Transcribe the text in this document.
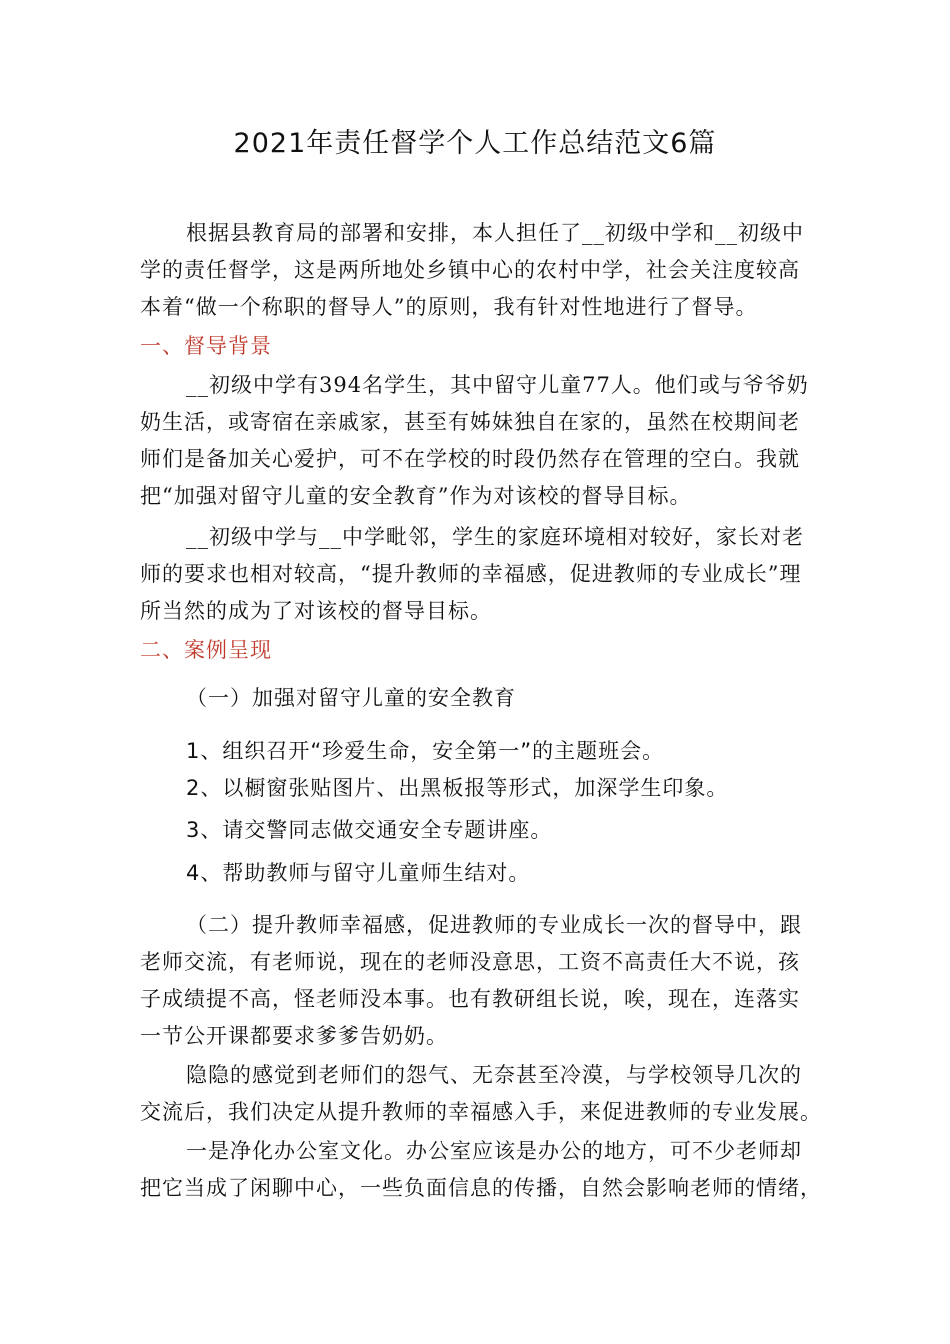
2021年责任督学个人工作总结范文6篇
根据县教育局的部署和安排，本人担任了__初级中学和__初级中
学的责任督学，这是两所地处乡镇中心的农村中学，社会关注度较高
本着“做一个称职的督导人”的原则，我有针对性地进行了督导。
一、督导背景
__初级中学有394名学生，其中留守儿童77人。他们或与爷爷奶
奶生活，或寄宿在亲戚家，甚至有姊妹独自在家的，虽然在校期间老
师们是备加关心爱护，可不在学校的时段仍然存在管理的空白。我就
把“加强对留守儿童的安全教育”作为对该校的督导目标。
__初级中学与__中学毗邻，学生的家庭环境相对较好，家长对老
师的要求也相对较高，“提升教师的幸福感，促进教师的专业成长”理
所当然的成为了对该校的督导目标。
二、案例呈现
（一）加强对留守儿童的安全教育
1、组织召开“珍爱生命，安全第一”的主题班会。
2、以橱窗张贴图片、出黑板报等形式，加深学生印象。
3、请交警同志做交通安全专题讲座。
4、帮助教师与留守儿童师生结对。
（二）提升教师幸福感，促进教师的专业成长一次的督导中，跟
老师交流，有老师说，现在的老师没意思，工资不高责任大不说，孩
子成绩提不高，怪老师没本事。也有教研组长说，唉，现在，连落实
一节公开课都要求爹爹告奶奶。
隐隐的感觉到老师们的怨气、无奈甚至冷漠，与学校领导几次的
交流后，我们决定从提升教师的幸福感入手，来促进教师的专业发展。
一是净化办公室文化。办公室应该是办公的地方，可不少老师却
把它当成了闲聊中心，一些负面信息的传播，自然会影响老师的情绪，
